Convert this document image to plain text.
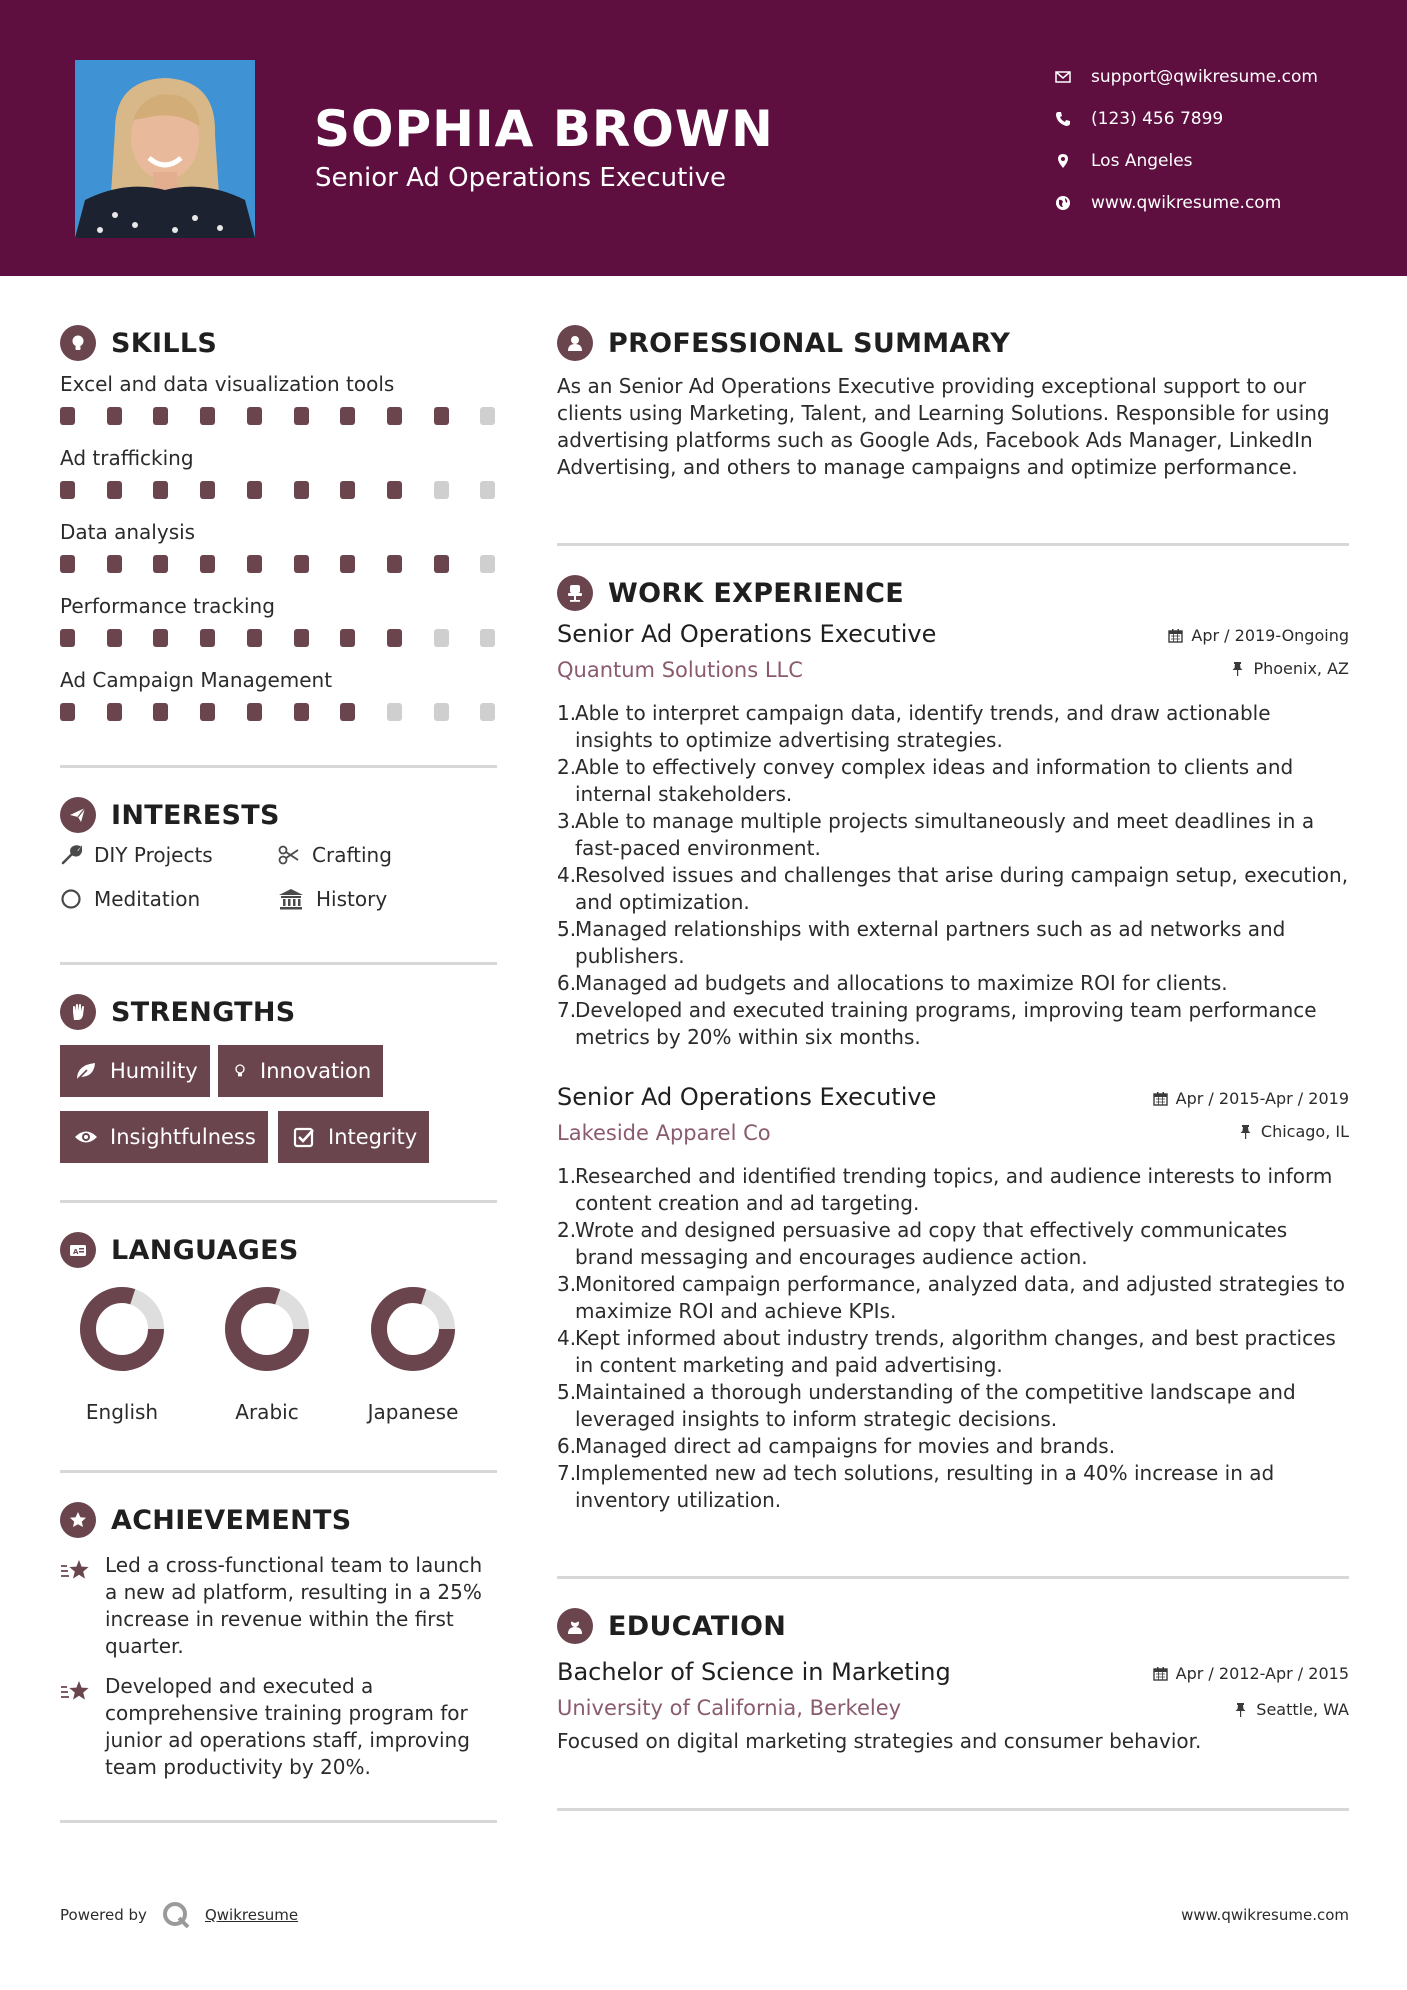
SOPHIA BROWN
Senior Ad Operations Executive
support@qwikresume.com
(123) 456 7899
Los Angeles
www.qwikresume.com
SKILLS
Excel and data visualization tools
Ad trafficking
Data analysis
Performance tracking
Ad Campaign Management
INTERESTS
DIY Projects	Crafting
Meditation	History
STRENGTHS
Humility	Innovation
Insightfulness	Integrity
A LANGUAGES
English	Arabic	Japanese
ACHIEVEMENTS
Led a cross-functional team to launch a new ad platform, resulting in a 25% increase in revenue within the first quarter.
Developed and executed a comprehensive training program for junior ad operations staff, improving team productivity by 20%.
PROFESSIONAL SUMMARY
As an Senior Ad Operations Executive providing exceptional support to our clients using Marketing, Talent, and Learning Solutions. Responsible for using advertising platforms such as Google Ads, Facebook Ads Manager, LinkedIn Advertising, and others to manage campaigns and optimize performance.
WORK EXPERIENCE
Senior Ad Operations Executive
Quantum Solutions LLC
Apr / 2019-Ongoing
Phoenix, AZ
1.
Able to interpret campaign data, identify trends, and draw actionable insights to optimize advertising strategies.
2.
Able to effectively convey complex ideas and information to clients and internal stakeholders.
3.
Able to manage multiple projects simultaneously and meet deadlines in a fast-paced environment.
4.
Resolved issues and challenges that arise during campaign setup, execution, and optimization.
5.
Managed relationships with external partners such as ad networks and publishers.
6.
Managed ad budgets and allocations to maximize ROI for clients.
7.
Developed and executed training programs, improving team performance metrics by 20% within six months.
Senior Ad Operations Executive
Lakeside Apparel Co
Apr / 2015-Apr / 2019
Chicago, IL
1.
Researched and identified trending topics, and audience interests to inform content creation and ad targeting.
2.
Wrote and designed persuasive ad copy that effectively communicates brand messaging and encourages audience action.
3.
Monitored campaign performance, analyzed data, and adjusted strategies to maximize ROI and achieve KPIs.
4.
Kept informed about industry trends, algorithm changes, and best practices in content marketing and paid advertising.
5.
Maintained a thorough understanding of the competitive landscape and leveraged insights to inform strategic decisions.
6.
Managed direct ad campaigns for movies and brands.
7.
Implemented new ad tech solutions, resulting in a 40% increase in ad inventory utilization.
EDUCATION
Bachelor of Science in Marketing
University of California, Berkeley
Apr / 2012-Apr / 2015
Seattle, WA
Focused on digital marketing strategies and consumer behavior.
Powered by	Qwikresume	www.qwikresume.com
